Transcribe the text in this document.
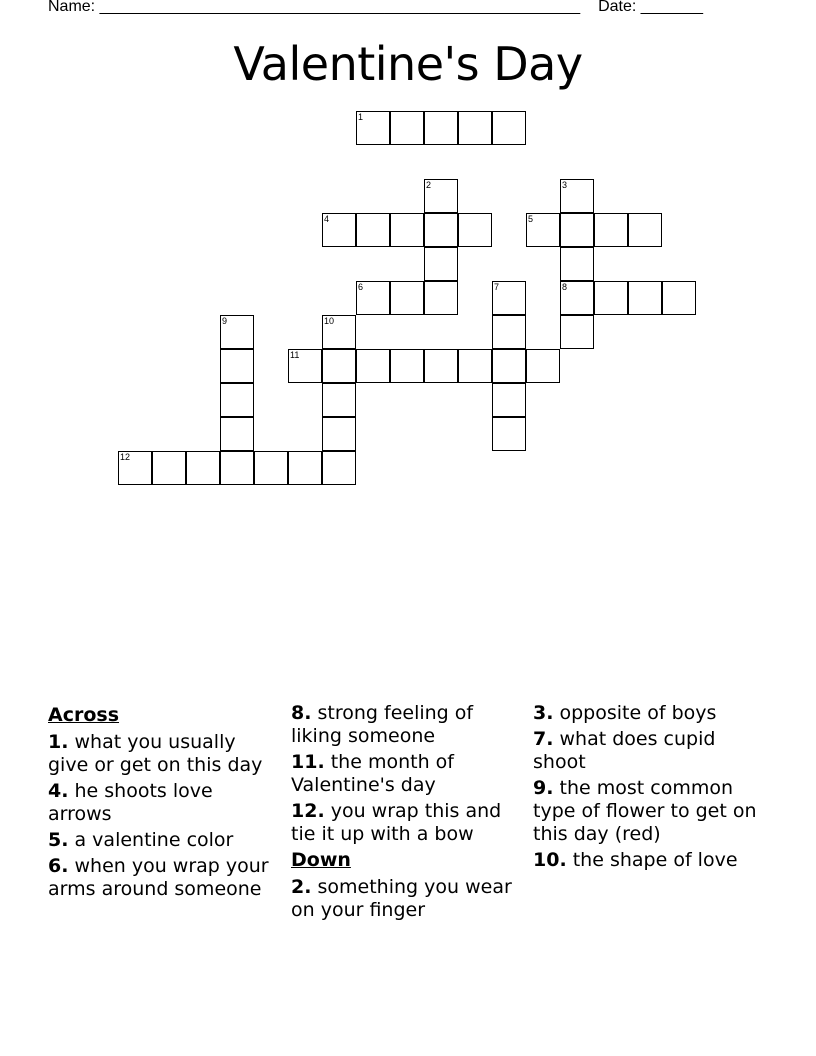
Name: ______________________________________________________ Date: _______
Valentine's Day
1
2	3
8
4	5
6	7
9	10
11
12
Across
1. what you usually give or get on this day
4. he shoots love arrows
5. a valentine color
6. when you wrap your arms around someone
8. strong feeling of liking someone
11. the month of Valentine's day
12. you wrap this and tie it up with a bow
Down
2. something you wear on your finger
3. opposite of boys
7. what does cupid shoot
9. the most common type of flower to get on this day (red)
10. the shape of love
